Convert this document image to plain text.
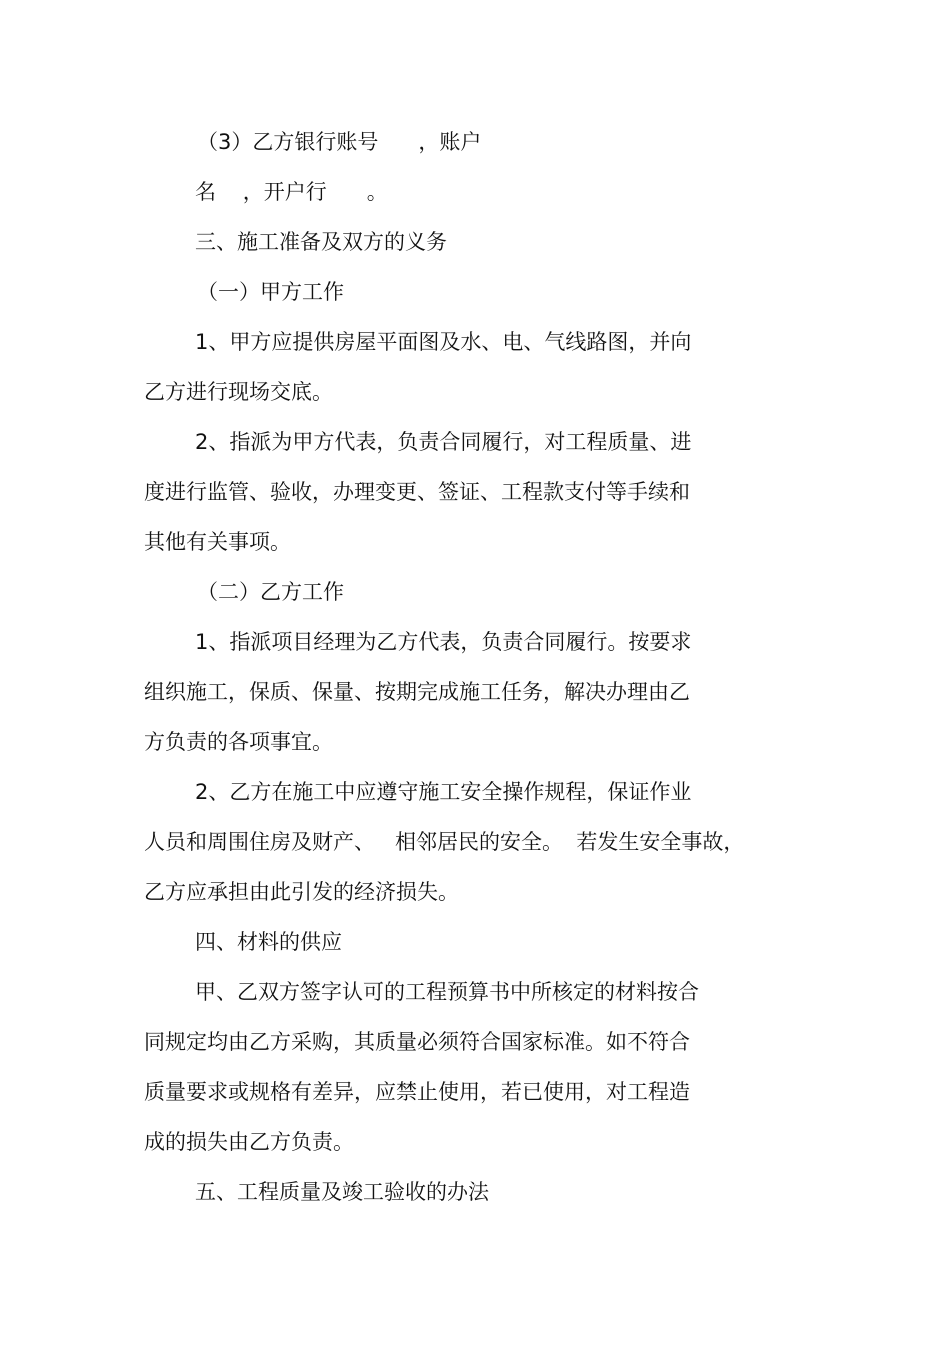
（3）乙方银行账号      ，账户
名    ，开户行      。
三、施工准备及双方的义务
（一）甲方工作
1、甲方应提供房屋平面图及水、电、气线路图，并向
乙方进行现场交底。
2、指派为甲方代表，负责合同履行，对工程质量、进
度进行监管、验收，办理变更、签证、工程款支付等手续和
其他有关事项。
（二）乙方工作
1、指派项目经理为乙方代表，负责合同履行。按要求
组织施工，保质、保量、按期完成施工任务，解决办理由乙
方负责的各项事宜。
2、乙方在施工中应遵守施工安全操作规程，保证作业
人员和周围住房及财产、   相邻居民的安全。  若发生安全事故，
乙方应承担由此引发的经济损失。
四、材料的供应
甲、乙双方签字认可的工程预算书中所核定的材料按合
同规定均由乙方采购，其质量必须符合国家标准。如不符合
质量要求或规格有差异，应禁止使用，若已使用，对工程造
成的损失由乙方负责。
五、工程质量及竣工验收的办法
